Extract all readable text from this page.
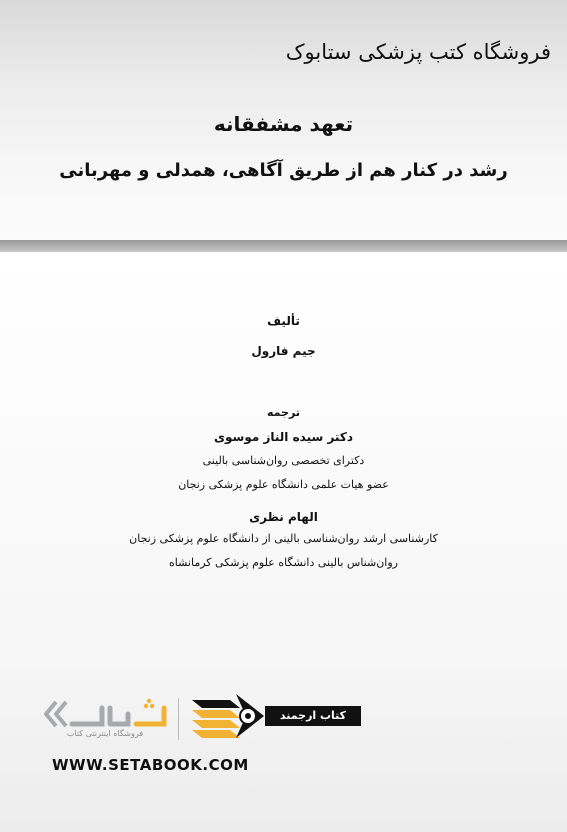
فروشگاه کتب پزشکی ستابوک
تعهد مشفقانه
رشد در کنار هم از طریق آگاهی، همدلی و مهربانی
تألیف
جیم فارول
ترجمه
دکتر سیده الناز موسوی
دکترای تخصصی روان‌شناسی بالینی
عضو هیات علمی دانشگاه علوم پزشکی زنجان
الهام نظری
کارشناسی ارشد روان‌شناسی بالینی از دانشگاه علوم پزشکی زنجان
روان‌شناس بالینی دانشگاه علوم پزشکی کرمانشاه
فروشگاه اینترنتی کتاب
کتاب ارجمند
WWW.SETABOOK.COM
